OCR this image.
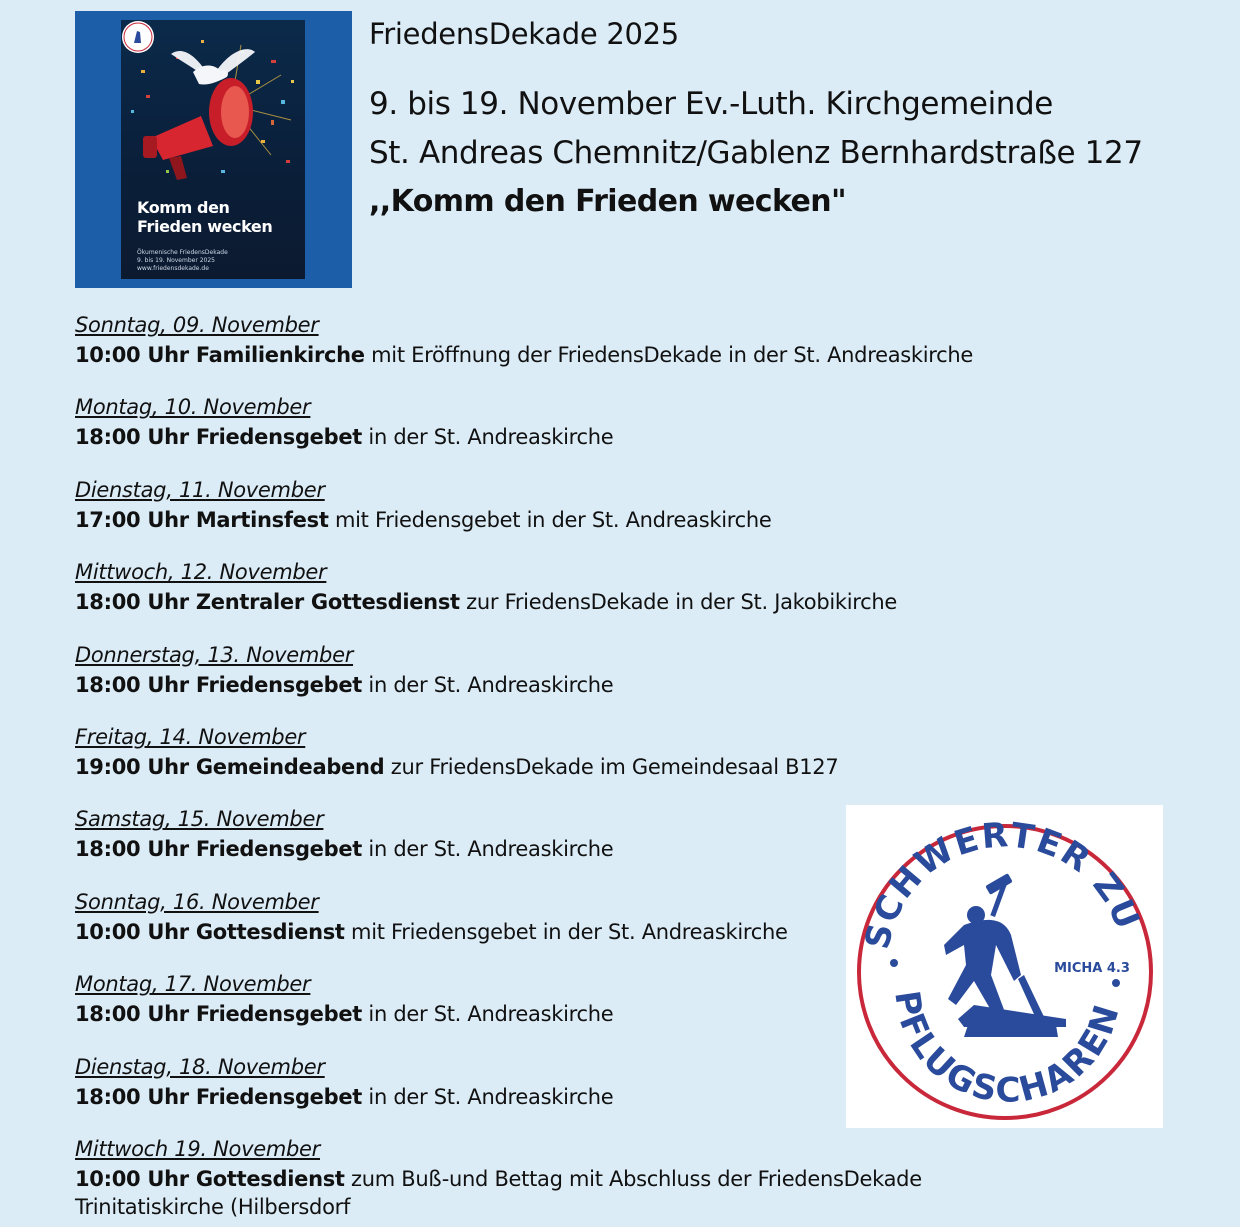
Komm den
Frieden wecken
Ökumenische FriedensDekade
9. bis 19. November 2025
www.friedensdekade.de
FriedensDekade 2025
9. bis 19. November Ev.-Luth. Kirchgemeinde
St. Andreas Chemnitz/Gablenz Bernhardstraße 127
,,Komm den Frieden wecken"
Sonntag, 09. November
10:00 Uhr Familienkirche mit Eröffnung der FriedensDekade in der St. Andreaskirche
Montag, 10. November
18:00 Uhr Friedensgebet in der St. Andreaskirche
Dienstag, 11. November
17:00 Uhr Martinsfest mit Friedensgebet in der St. Andreaskirche
Mittwoch, 12. November
18:00 Uhr Zentraler Gottesdienst zur FriedensDekade in der St. Jakobikirche
Donnerstag, 13. November
18:00 Uhr Friedensgebet in der St. Andreaskirche
Freitag, 14. November
19:00 Uhr Gemeindeabend zur FriedensDekade im Gemeindesaal B127
Samstag, 15. November
18:00 Uhr Friedensgebet in der St. Andreaskirche
Sonntag, 16. November
10:00 Uhr Gottesdienst mit Friedensgebet in der St. Andreaskirche
Montag, 17. November
18:00 Uhr Friedensgebet in der St. Andreaskirche
Dienstag, 18. November
18:00 Uhr Friedensgebet in der St. Andreaskirche
Mittwoch 19. November
10:00 Uhr Gottesdienst zum Buß-und Bettag mit Abschluss der FriedensDekade Trinitatiskirche (Hilbersdorf
SCHWERTER ZU
PFLUGSCHAREN
MICHA 4.3
